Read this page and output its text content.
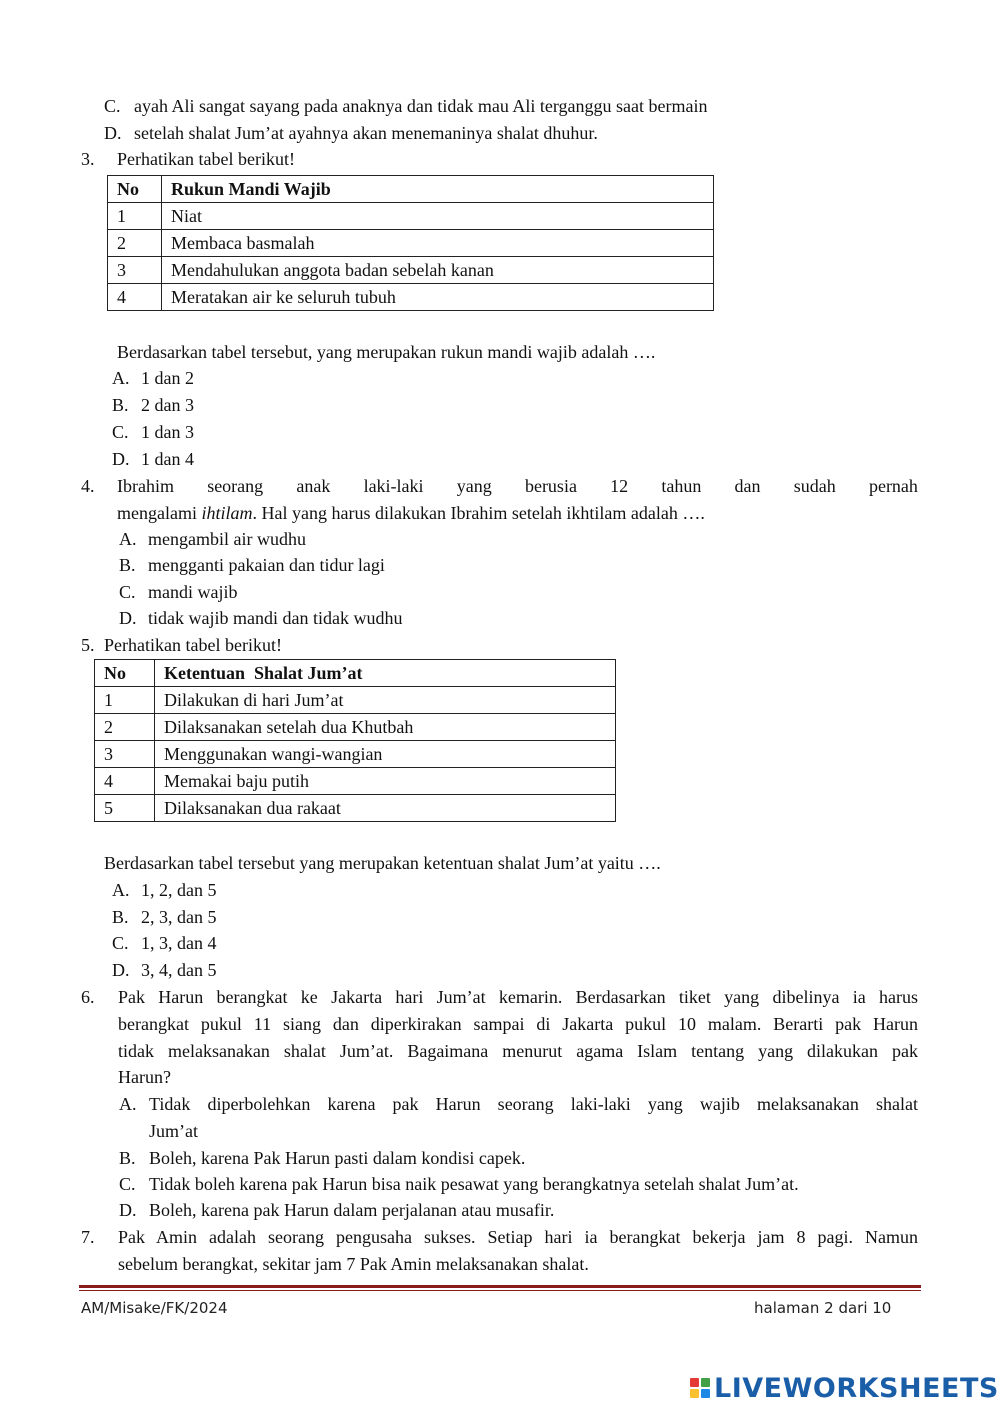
C. ayah Ali sangat sayang pada anaknya dan tidak mau Ali terganggu saat bermain
D. setelah shalat Jum’at ayahnya akan menemaninya shalat dhuhur.
3. Perhatikan tabel berikut!
No	Rukun Mandi Wajib
1	Niat
2	Membaca basmalah
3	Mendahulukan anggota badan sebelah kanan
4	Meratakan air ke seluruh tubuh
Berdasarkan tabel tersebut, yang merupakan rukun mandi wajib adalah ….
A. 1 dan 2
B. 2 dan 3
C. 1 dan 3
D. 1 dan 4
4. Ibrahim seorang anak laki-laki yang berusia 12 tahun dan sudah pernah
mengalami ihtilam. Hal yang harus dilakukan Ibrahim setelah ikhtilam adalah ….
A. mengambil air wudhu
B. mengganti pakaian dan tidur lagi
C. mandi wajib
D. tidak wajib mandi dan tidak wudhu
5. Perhatikan tabel berikut!
No	Ketentuan  Shalat Jum’at
1	Dilakukan di hari Jum’at
2	Dilaksanakan setelah dua Khutbah
3	Menggunakan wangi-wangian
4	Memakai baju putih
5	Dilaksanakan dua rakaat
Berdasarkan tabel tersebut yang merupakan ketentuan shalat Jum’at yaitu ….
A. 1, 2, dan 5
B. 2, 3, dan 5
C. 1, 3, dan 4
D. 3, 4, dan 5
6. Pak Harun berangkat ke Jakarta hari Jum’at kemarin. Berdasarkan tiket yang dibelinya ia harus
berangkat pukul 11 siang dan diperkirakan sampai di Jakarta pukul 10 malam. Berarti pak Harun
tidak melaksanakan shalat Jum’at. Bagaimana menurut agama Islam tentang yang dilakukan pak
Harun?
A. Tidak diperbolehkan karena pak Harun seorang laki-laki yang wajib melaksanakan shalat
Jum’at
B. Boleh, karena Pak Harun pasti dalam kondisi capek.
C. Tidak boleh karena pak Harun bisa naik pesawat yang berangkatnya setelah shalat Jum’at.
D. Boleh, karena pak Harun dalam perjalanan atau musafir.
7. Pak Amin adalah seorang pengusaha sukses. Setiap hari ia berangkat bekerja jam 8 pagi. Namun
sebelum berangkat, sekitar jam 7 Pak Amin melaksanakan shalat.
AM/Misake/FK/2024	halaman 2 dari 10
LIVEWORKSHEETS
